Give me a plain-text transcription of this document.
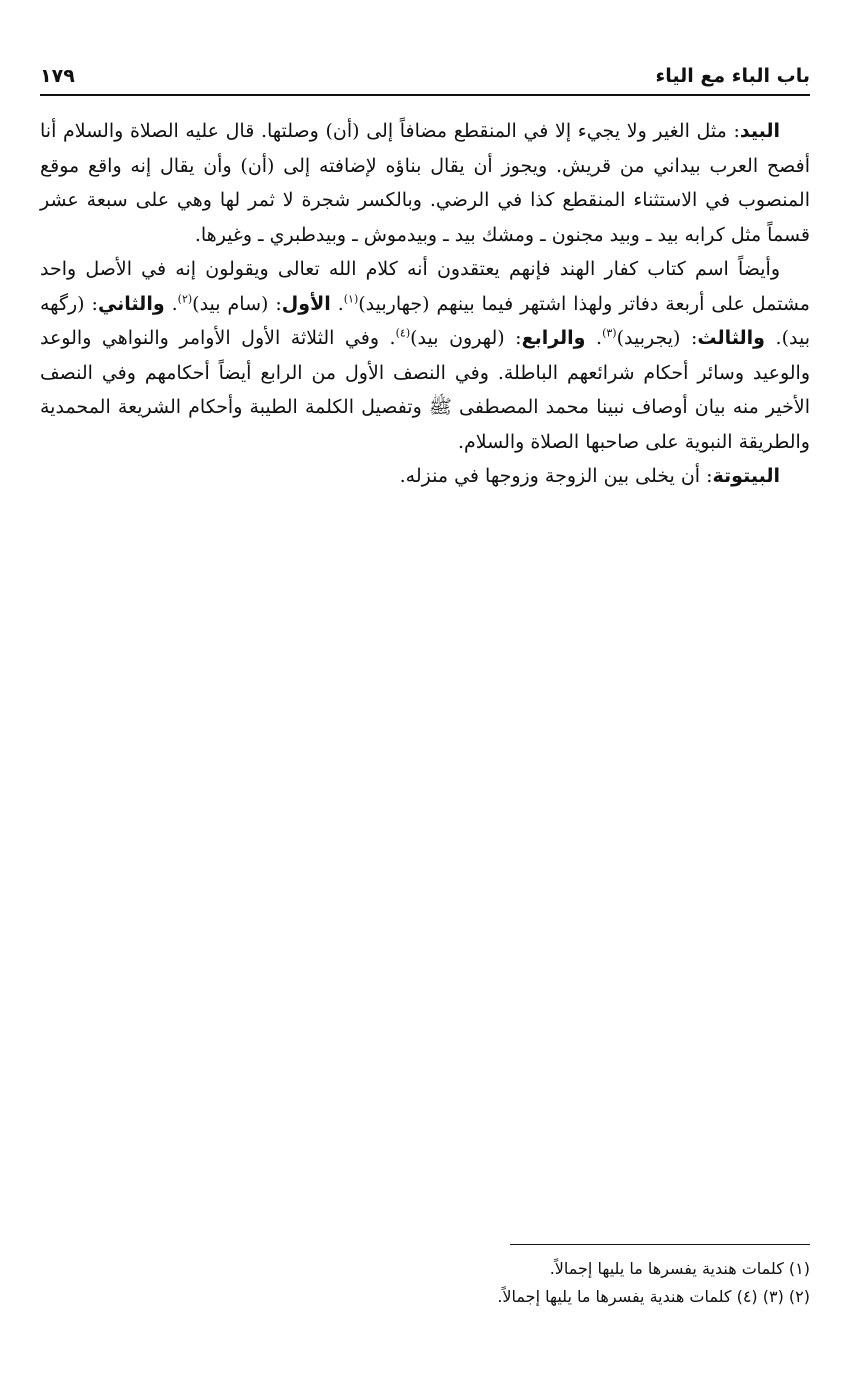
باب الباء مع الياء
١٧٩

البيد: مثل الغير ولا يجيء إلا في المنقطع مضافاً إلى (أن) وصلتها. قال عليه الصلاة والسلام أنا أفصح العرب بيداني من قريش. ويجوز أن يقال بناؤه لإضافته إلى (أن) وأن يقال إنه واقع موقع المنصوب في الاستثناء المنقطع كذا في الرضي. وبالكسر شجرة لا ثمر لها وهي على سبعة عشر قسماً مثل كرابه بيد ـ وبيد مجنون ـ ومشك بيد ـ وبيدموش ـ وبيدطبري ـ وغيرها.

وأيضاً اسم كتاب كفار الهند فإنهم يعتقدون أنه كلام الله تعالى ويقولون إنه في الأصل واحد مشتمل على أربعة دفاتر ولهذا اشتهر فيما بينهم (جهاربيد)$^{(١)}$. الأول: (سام بيد)$^{(٢)}$. والثاني: (رگهه بيد). والثالث: (يجربيد)$^{(٣)}$. والرابع: (لهرون بيد)$^{(٤)}$. وفي الثلاثة الأول الأوامر والنواهي والوعد والوعيد وسائر أحكام شرائعهم الباطلة. وفي النصف الأول من الرابع أيضاً أحكامهم وفي النصف الأخير منه بيان أوصاف نبينا محمد المصطفى ﷺ وتفصيل الكلمة الطيبة وأحكام الشريعة المحمدية والطريقة النبوية على صاحبها الصلاة والسلام.

البيتوتة: أن يخلى بين الزوجة وزوجها في منزله.

(١) كلمات هندية يفسرها ما يليها إجمالاً.

(٢) (٣) (٤) كلمات هندية يفسرها ما يليها إجمالاً.
